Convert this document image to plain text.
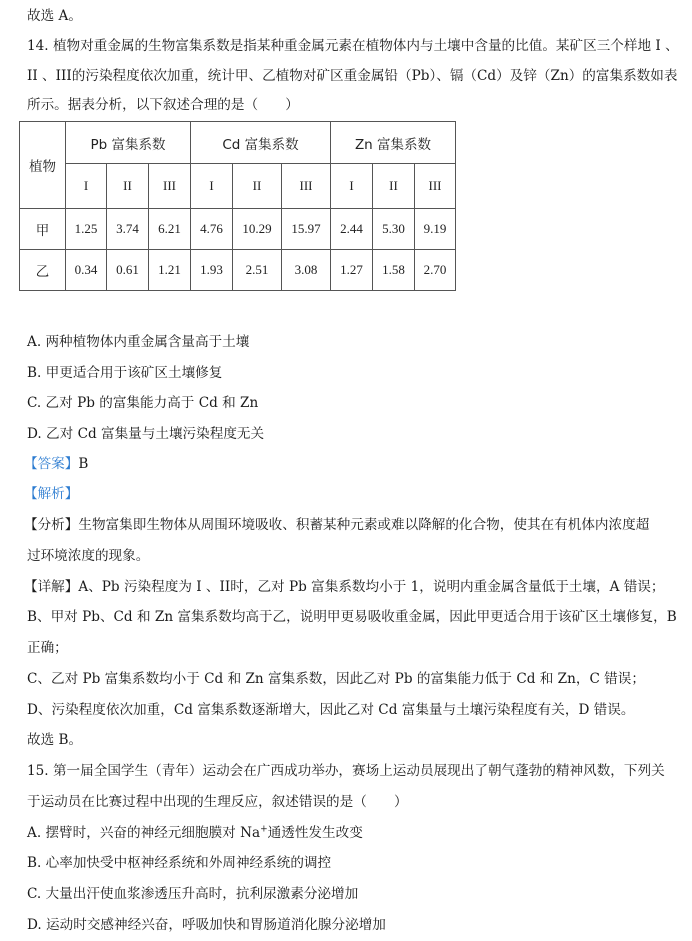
故选 A。
14. 植物对重金属的生物富集系数是指某种重金属元素在植物体内与土壤中含量的比值。某矿区三个样地 I 、
II 、III的污染程度依次加重，统计甲、乙植物对矿区重金属铅（Pb）、镉（Cd）及锌（Zn）的富集系数如表
所示。据表分析，以下叙述合理的是（　　）
植物	Pb 富集系数			Cd 富集系数			Zn 富集系数		
	I	II	III	I	II	III	I	II	III
甲	1.25	3.74	6.21	4.76	10.29	15.97	2.44	5.30	9.19
乙	0.34	0.61	1.21	1.93	2.51	3.08	1.27	1.58	2.70
A. 两种植物体内重金属含量高于土壤
B. 甲更适合用于该矿区土壤修复
C. 乙对 Pb 的富集能力高于 Cd 和 Zn
D. 乙对 Cd 富集量与土壤污染程度无关
【答案】B
【解析】
【分析】生物富集即生物体从周围环境吸收、积蓄某种元素或难以降解的化合物，使其在有机体内浓度超
过环境浓度的现象。
【详解】A、Pb 污染程度为 I 、II时，乙对 Pb 富集系数均小于 1，说明内重金属含量低于土壤，A 错误；
B、甲对 Pb、Cd 和 Zn 富集系数均高于乙，说明甲更易吸收重金属，因此甲更适合用于该矿区土壤修复，B
正确；
C、乙对 Pb 富集系数均小于 Cd 和 Zn 富集系数，因此乙对 Pb 的富集能力低于 Cd 和 Zn，C 错误；
D、污染程度依次加重，Cd 富集系数逐渐增大，因此乙对 Cd 富集量与土壤污染程度有关，D 错误。
故选 B。
15. 第一届全国学生（青年）运动会在广西成功举办，赛场上运动员展现出了朝气蓬勃的精神风数，下列关
于运动员在比赛过程中出现的生理反应，叙述错误的是（　　）
A. 摆臂时，兴奋的神经元细胞膜对 Na+通透性发生改变
B. 心率加快受中枢神经系统和外周神经系统的调控
C. 大量出汗使血浆渗透压升高时，抗利尿激素分泌增加
D. 运动时交感神经兴奋，呼吸加快和胃肠道消化腺分泌增加
